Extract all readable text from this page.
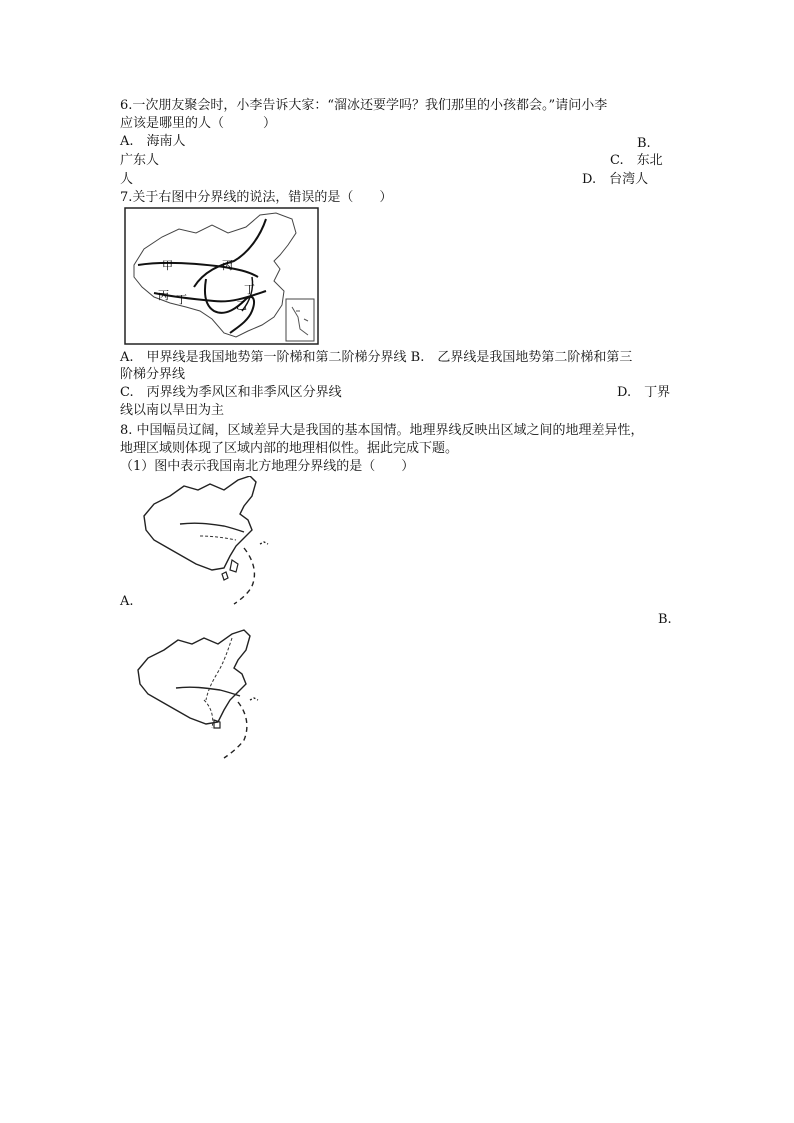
6.一次朋友聚会时，小李告诉大家：“溜冰还要学吗？我们那里的小孩都会。”请问小李
应该是哪里的人（　　　）
A.　海南人	B.
广东人	C.　东北
人	D.　台湾人
7.关于右图中分界线的说法，错误的是（　　）
甲	丙
丙 丁
丁
乙
A.　甲界线是我国地势第一阶梯和第二阶梯分界线 B.　乙界线是我国地势第二阶梯和第三
阶梯分界线
C.　丙界线为季风区和非季风区分界线	D.　丁界
线以南以旱田为主
8. 中国幅员辽阔，区域差异大是我国的基本国情。地理界线反映出区域之间的地理差异性，
地理区域则体现了区域内部的地理相似性。据此完成下题。
（1）图中表示我国南北方地理分界线的是（　　）
A.
B.
